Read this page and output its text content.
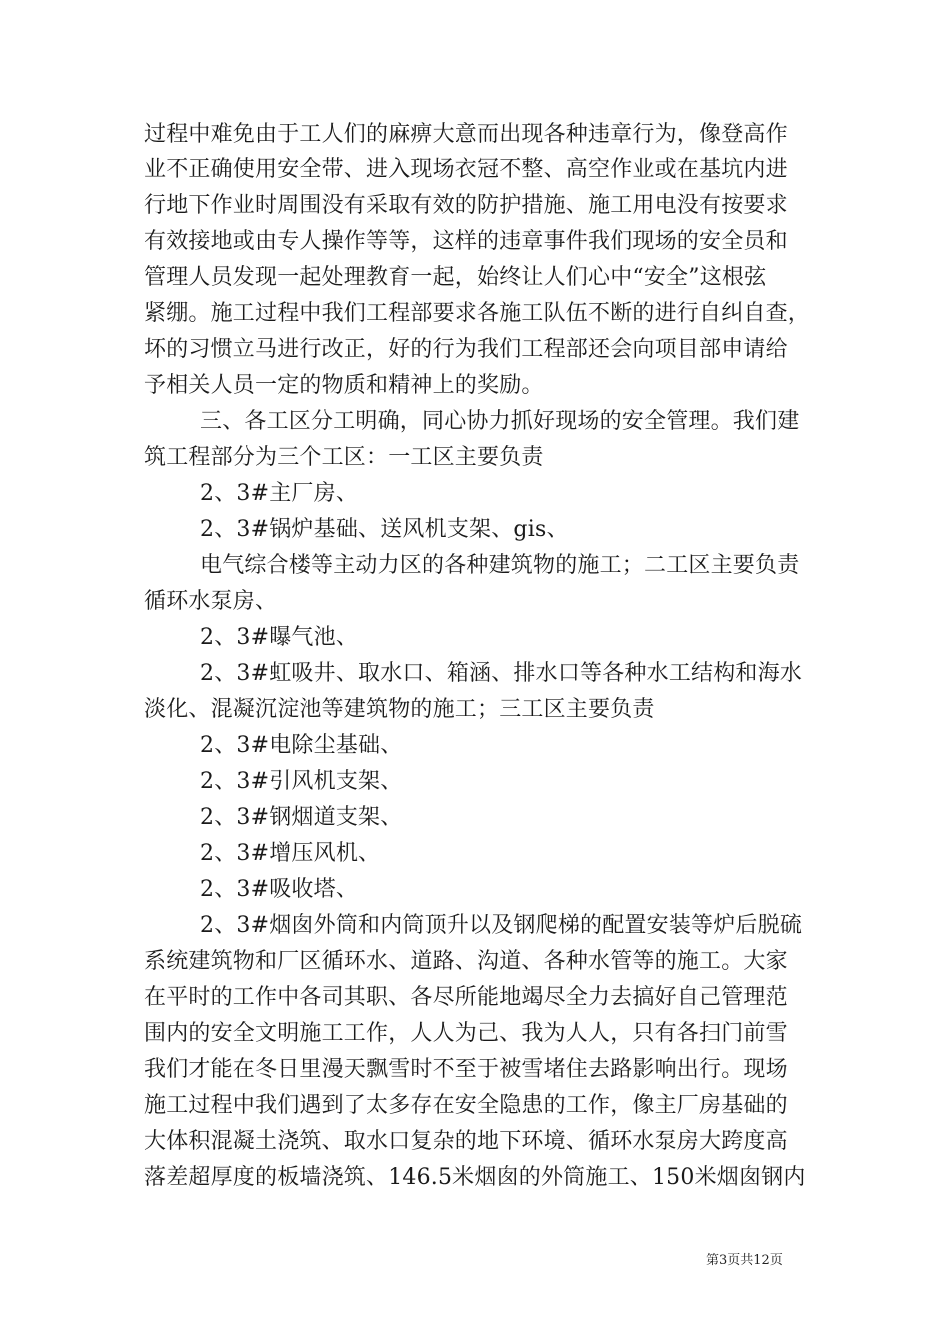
过程中难免由于工人们的麻痹大意而出现各种违章行为，像登高作
业不正确使用安全带、进入现场衣冠不整、高空作业或在基坑内进
行地下作业时周围没有采取有效的防护措施、施工用电没有按要求
有效接地或由专人操作等等，这样的违章事件我们现场的安全员和
管理人员发现一起处理教育一起，始终让人们心中“安全”这根弦
紧绷。施工过程中我们工程部要求各施工队伍不断的进行自纠自查，
坏的习惯立马进行改正，好的行为我们工程部还会向项目部申请给
予相关人员一定的物质和精神上的奖励。
三、各工区分工明确，同心协力抓好现场的安全管理。我们建
筑工程部分为三个工区：一工区主要负责
2、3#主厂房、
2、3#锅炉基础、送风机支架、gis、
电气综合楼等主动力区的各种建筑物的施工；二工区主要负责
循环水泵房、
2、3#曝气池、
2、3#虹吸井、取水口、箱涵、排水口等各种水工结构和海水
淡化、混凝沉淀池等建筑物的施工；三工区主要负责
2、3#电除尘基础、
2、3#引风机支架、
2、3#钢烟道支架、
2、3#增压风机、
2、3#吸收塔、
2、3#烟囱外筒和内筒顶升以及钢爬梯的配置安装等炉后脱硫
系统建筑物和厂区循环水、道路、沟道、各种水管等的施工。大家
在平时的工作中各司其职、各尽所能地竭尽全力去搞好自己管理范
围内的安全文明施工工作，人人为己、我为人人，只有各扫门前雪
我们才能在冬日里漫天飘雪时不至于被雪堵住去路影响出行。现场
施工过程中我们遇到了太多存在安全隐患的工作，像主厂房基础的
大体积混凝土浇筑、取水口复杂的地下环境、循环水泵房大跨度高
落差超厚度的板墙浇筑、146.5米烟囱的外筒施工、150米烟囱钢内
第3页共12页
